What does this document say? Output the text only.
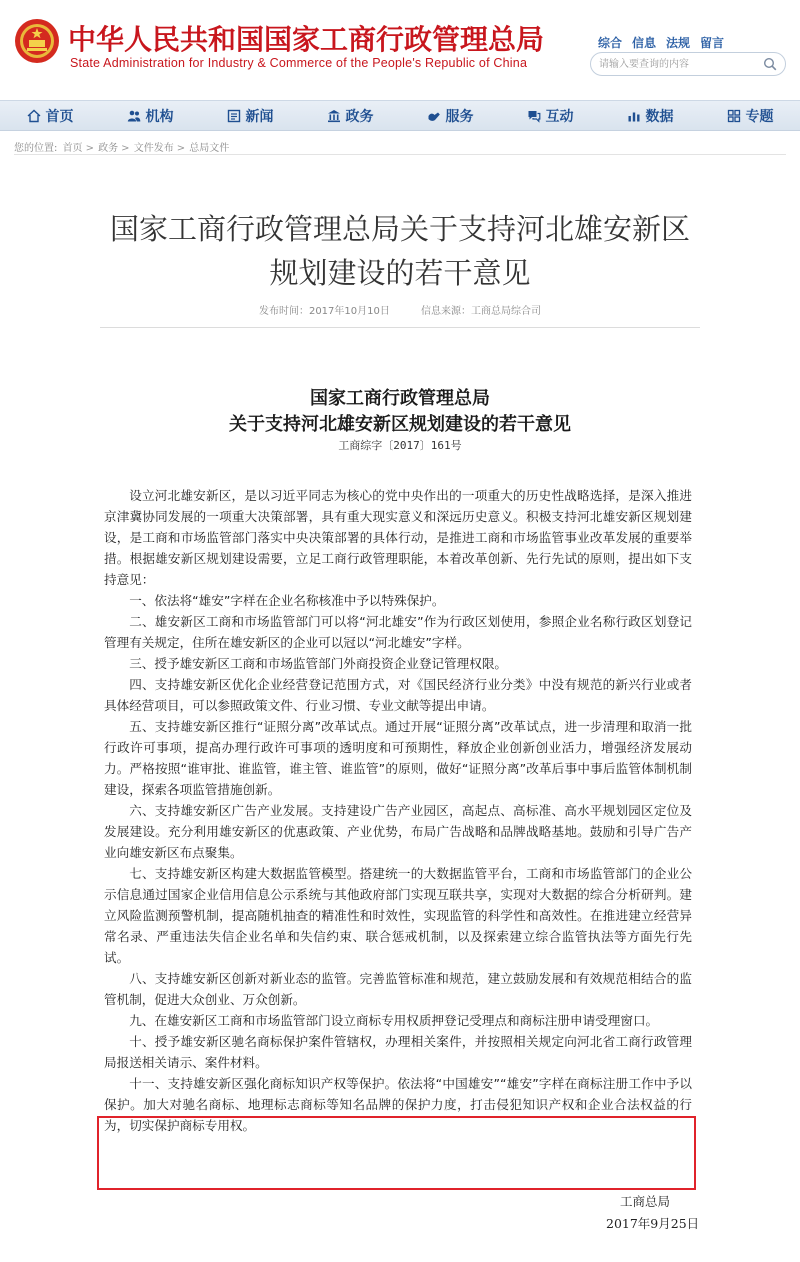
中华人民共和国国家工商行政管理总局
State Administration for Industry & Commerce of the People's Republic of China
综合 信息 法规 留言
请输入要查询的内容
首页	机构	新闻	政务	服务	互动	数据	专题
您的位置: 首页 > 政务 > 文件发布 > 总局文件
国家工商行政管理总局关于支持河北雄安新区
规划建设的若干意见
发布时间：2017年10月10日	信息来源：工商总局综合司
国家工商行政管理总局
关于支持河北雄安新区规划建设的若干意见
工商综字〔2017〕161号

设立河北雄安新区，是以习近平同志为核心的党中央作出的一项重大的历史性战略选择，是深入推进京津冀协同发展的一项重大决策部署，具有重大现实意义和深远历史意义。积极支持河北雄安新区规划建设，是工商和市场监管部门落实中央决策部署的具体行动，是推进工商和市场监管事业改革发展的重要举措。根据雄安新区规划建设需要，立足工商行政管理职能，本着改革创新、先行先试的原则，提出如下支持意见：

一、依法将“雄安”字样在企业名称核准中予以特殊保护。

二、雄安新区工商和市场监管部门可以将“河北雄安”作为行政区划使用，参照企业名称行政区划登记管理有关规定，住所在雄安新区的企业可以冠以“河北雄安”字样。

三、授予雄安新区工商和市场监管部门外商投资企业登记管理权限。

四、支持雄安新区优化企业经营登记范围方式，对《国民经济行业分类》中没有规范的新兴行业或者具体经营项目，可以参照政策文件、行业习惯、专业文献等提出申请。

五、支持雄安新区推行“证照分离”改革试点。通过开展“证照分离”改革试点，进一步清理和取消一批行政许可事项，提高办理行政许可事项的透明度和可预期性，释放企业创新创业活力，增强经济发展动力。严格按照“谁审批、谁监管，谁主管、谁监管”的原则，做好“证照分离”改革后事中事后监管体制机制建设，探索各项监管措施创新。

六、支持雄安新区广告产业发展。支持建设广告产业园区，高起点、高标准、高水平规划园区定位及发展建设。充分利用雄安新区的优惠政策、产业优势，布局广告战略和品牌战略基地。鼓励和引导广告产业向雄安新区布点聚集。

七、支持雄安新区构建大数据监管模型。搭建统一的大数据监管平台，工商和市场监管部门的企业公示信息通过国家企业信用信息公示系统与其他政府部门实现互联共享，实现对大数据的综合分析研判。建立风险监测预警机制，提高随机抽查的精准性和时效性，实现监管的科学性和高效性。在推进建立经营异常名录、严重违法失信企业名单和失信约束、联合惩戒机制，以及探索建立综合监管执法等方面先行先试。

八、支持雄安新区创新对新业态的监管。完善监管标准和规范，建立鼓励发展和有效规范相结合的监管机制，促进大众创业、万众创新。

九、在雄安新区工商和市场监管部门设立商标专用权质押登记受理点和商标注册申请受理窗口。

十、授予雄安新区驰名商标保护案件管辖权，办理相关案件，并按照相关规定向河北省工商行政管理局报送相关请示、案件材料。

十一、支持雄安新区强化商标知识产权等保护。依法将“中国雄安”“雄安”字样在商标注册工作中予以保护。加大对驰名商标、地理标志商标等知名品牌的保护力度，打击侵犯知识产权和企业合法权益的行为，切实保护商标专用权。

工商总局
2017年9月25日
